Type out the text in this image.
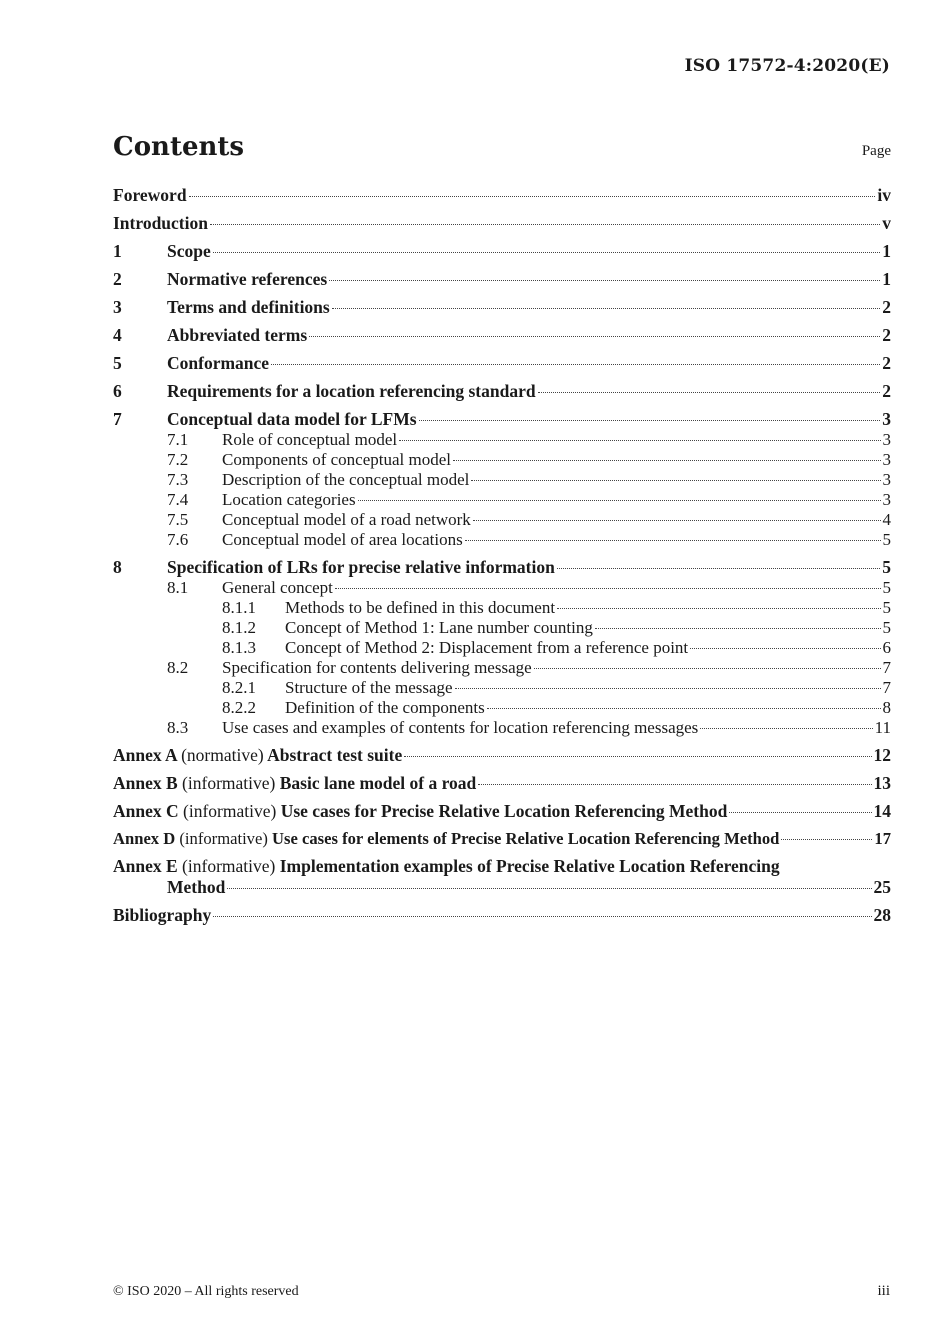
ISO 17572-4:2020(E)
Contents	Page
Foreword	iv
Introduction	v
1	Scope	1
2	Normative references	1
3	Terms and definitions	2
4	Abbreviated terms	2
5	Conformance	2
6	Requirements for a location referencing standard	2
7	Conceptual data model for LFMs	3
7.1	Role of conceptual model	3
7.2	Components of conceptual model	3
7.3	Description of the conceptual model	3
7.4	Location categories	3
7.5	Conceptual model of a road network	4
7.6	Conceptual model of area locations	5
8	Specification of LRs for precise relative information	5
8.1	General concept	5
8.1.1	Methods to be defined in this document	5
8.1.2	Concept of Method 1: Lane number counting	5
8.1.3	Concept of Method 2: Displacement from a reference point	6
8.2	Specification for contents delivering message	7
8.2.1	Structure of the message	7
8.2.2	Definition of the components	8
8.3	Use cases and examples of contents for location referencing messages	11
Annex A (normative) Abstract test suite	12
Annex B (informative) Basic lane model of a road	13
Annex C (informative) Use cases for Precise Relative Location Referencing Method	14
Annex D (informative) Use cases for elements of Precise Relative Location Referencing Method	17
Annex E (informative) Implementation examples of Precise Relative Location Referencing
Method	25
Bibliography	28
© ISO 2020 – All rights reserved	iii
